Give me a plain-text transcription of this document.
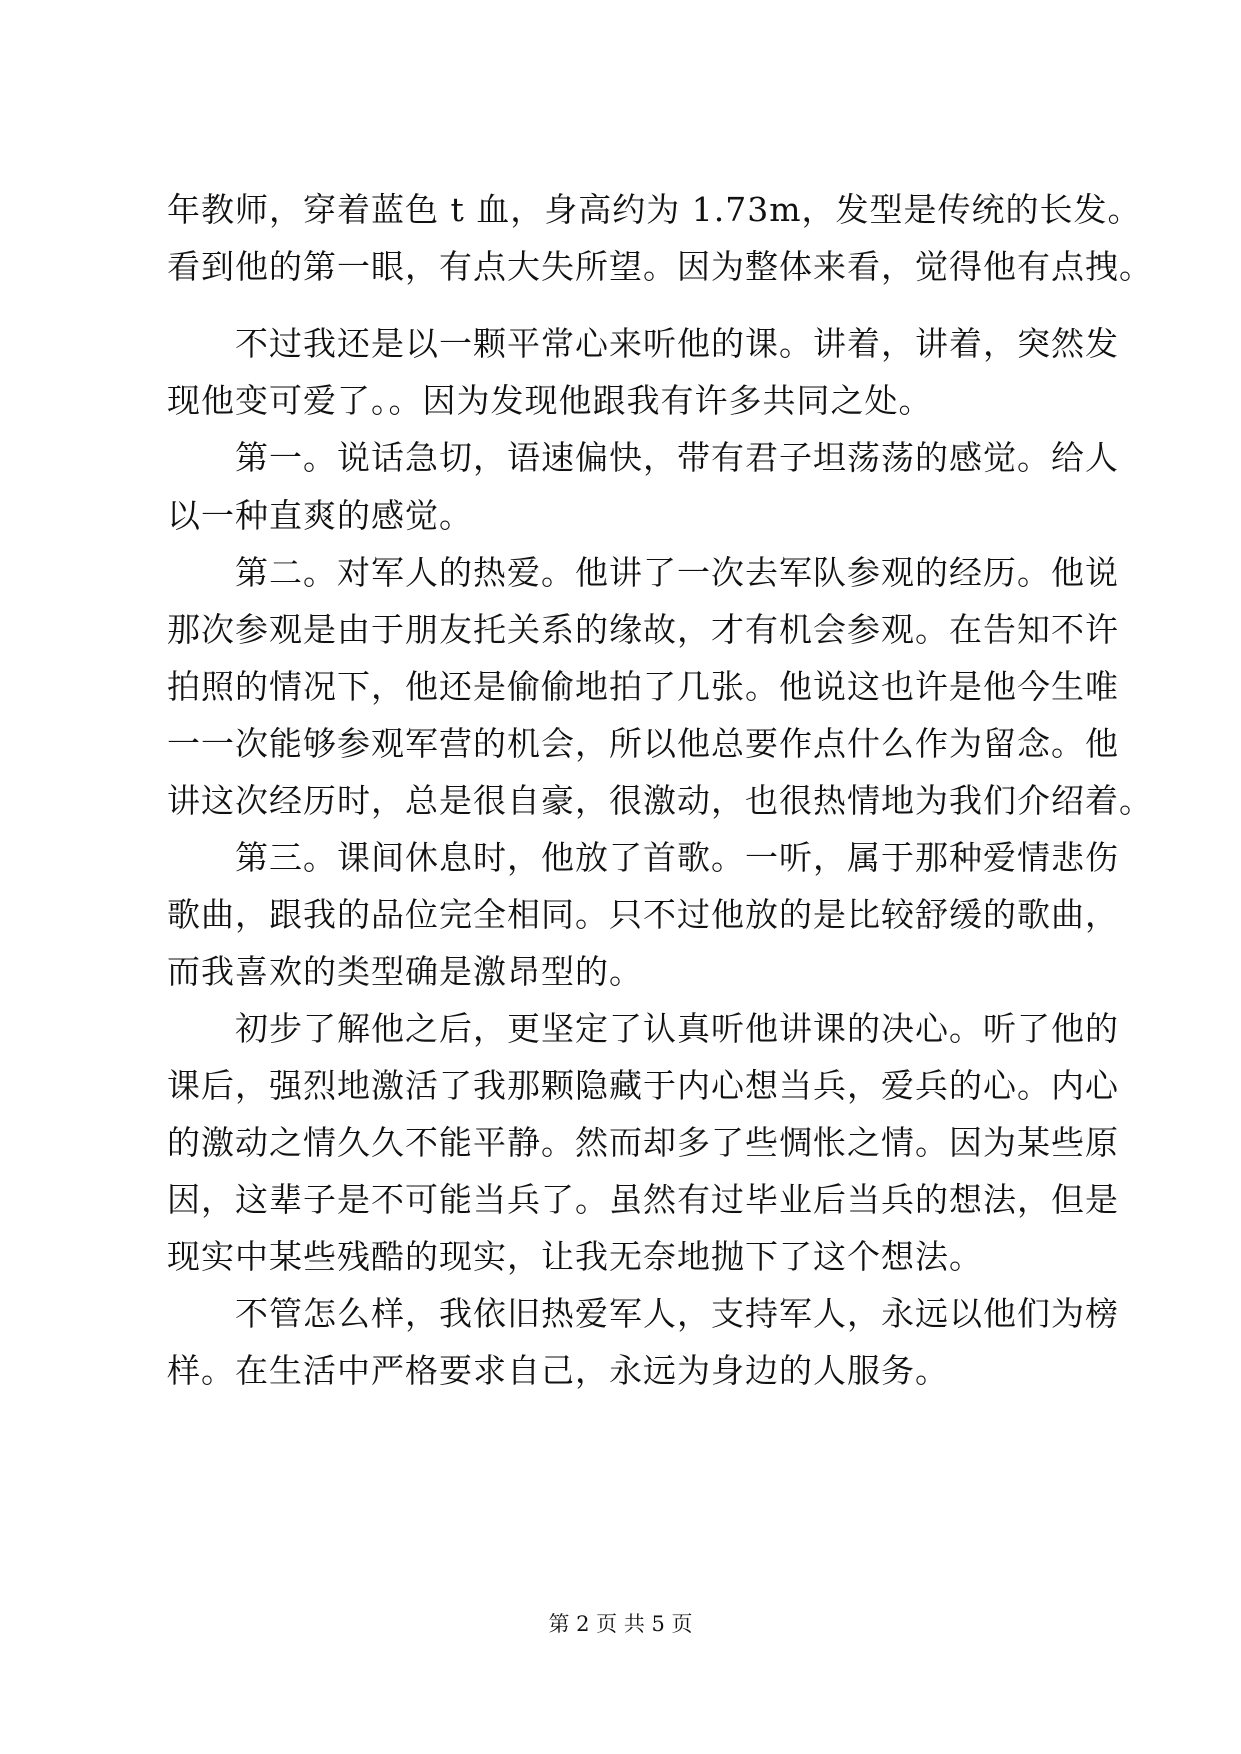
年教师，穿着蓝色 t 血，身高约为 1.73m，发型是传统的长发。
看到他的第一眼，有点大失所望。因为整体来看，觉得他有点拽。
　　不过我还是以一颗平常心来听他的课。讲着，讲着，突然发
现他变可爱了。。因为发现他跟我有许多共同之处。
　　第一。说话急切，语速偏快，带有君子坦荡荡的感觉。给人
以一种直爽的感觉。
　　第二。对军人的热爱。他讲了一次去军队参观的经历。他说
那次参观是由于朋友托关系的缘故，才有机会参观。在告知不许
拍照的情况下，他还是偷偷地拍了几张。他说这也许是他今生唯
一一次能够参观军营的机会，所以他总要作点什么作为留念。他
讲这次经历时，总是很自豪，很激动，也很热情地为我们介绍着。
　　第三。课间休息时，他放了首歌。一听，属于那种爱情悲伤
歌曲，跟我的品位完全相同。只不过他放的是比较舒缓的歌曲，
而我喜欢的类型确是激昂型的。
　　初步了解他之后，更坚定了认真听他讲课的决心。听了他的
课后，强烈地激活了我那颗隐藏于内心想当兵，爱兵的心。内心
的激动之情久久不能平静。然而却多了些惆怅之情。因为某些原
因，这辈子是不可能当兵了。虽然有过毕业后当兵的想法，但是
现实中某些残酷的现实，让我无奈地抛下了这个想法。
　　不管怎么样，我依旧热爱军人，支持军人，永远以他们为榜
样。在生活中严格要求自己，永远为身边的人服务。
第 2 页 共 5 页
